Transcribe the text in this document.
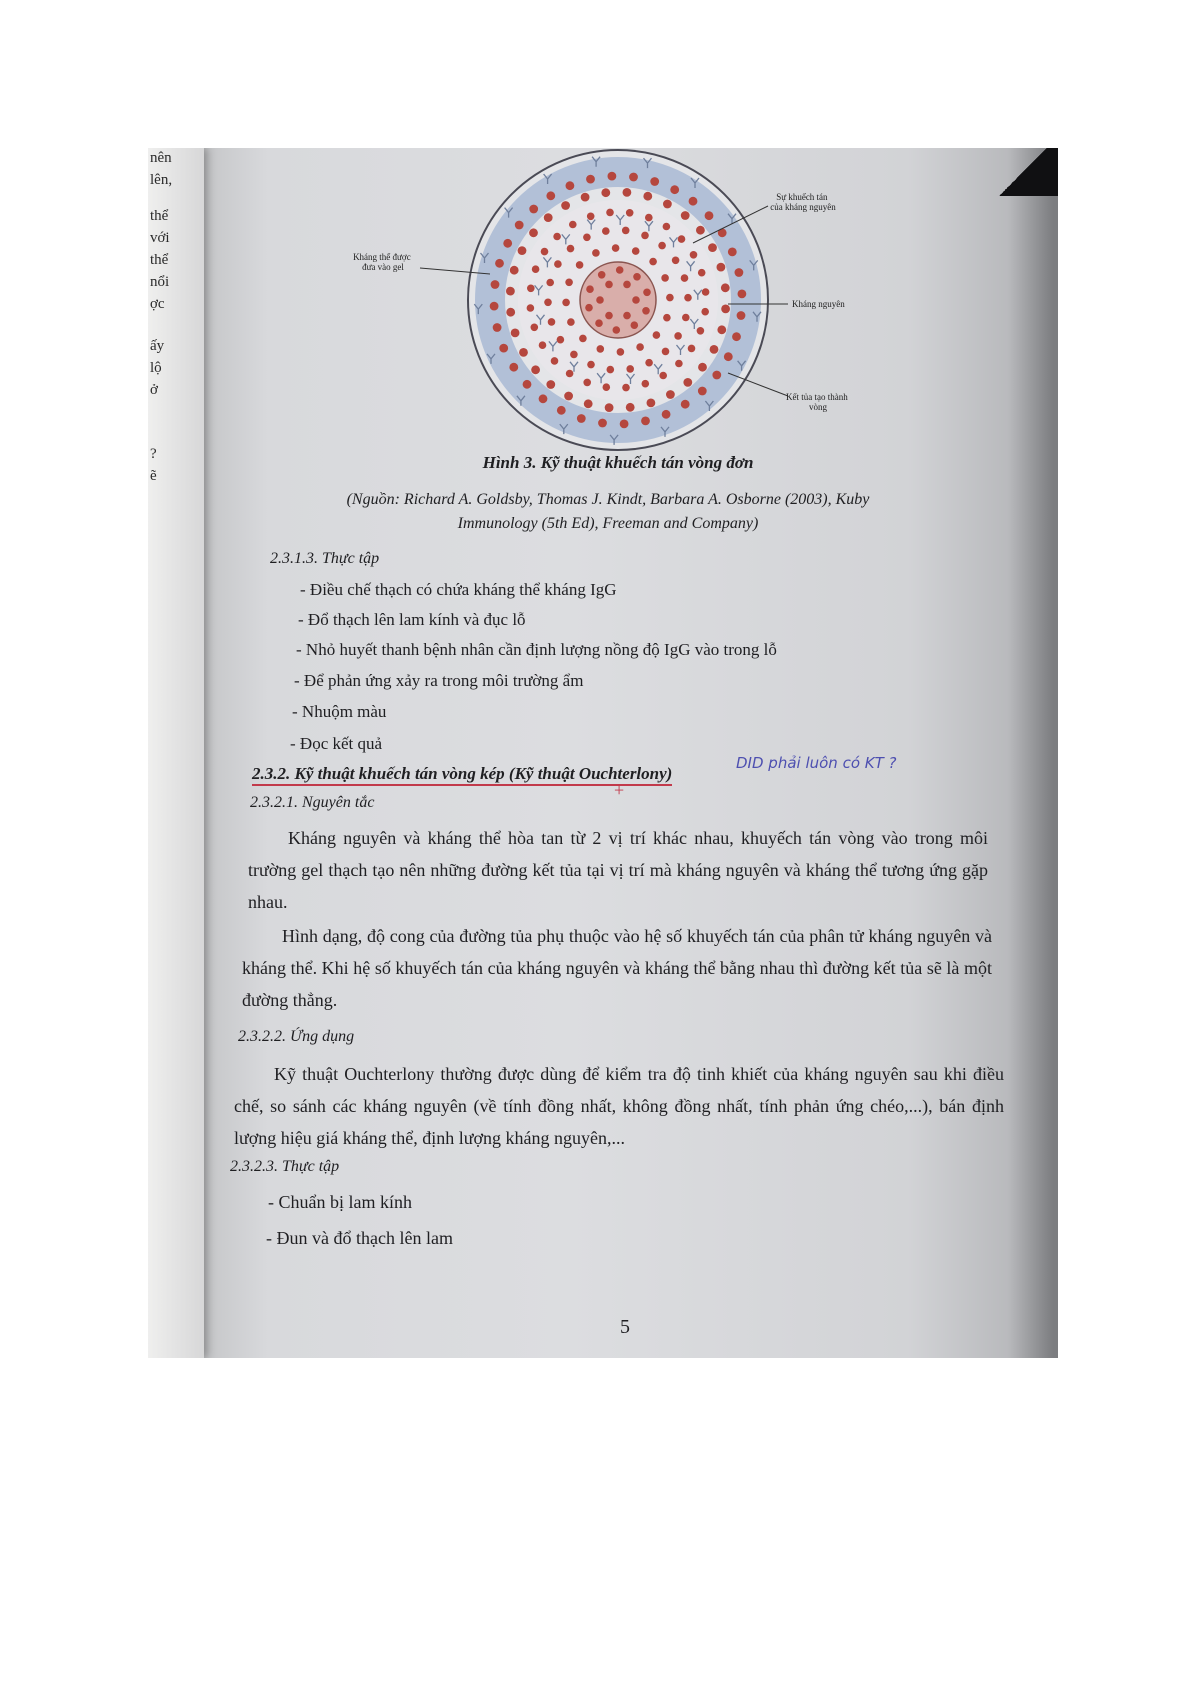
nên
lên,
thể
với
thể
nổi
ợc
ấy
lộ
ở
?
ẽ
Sự khuếch tán của kháng nguyên
Kháng thể được đưa vào gel
Kháng nguyên
Kết tủa tạo thành vòng
Hình 3. Kỹ thuật khuếch tán vòng đơn
(Nguồn: Richard A. Goldsby, Thomas J. Kindt, Barbara A. Osborne (2003), Kuby
Immunology (5th Ed), Freeman and Company)
2.3.1.3. Thực tập
- Điều chế thạch có chứa kháng thể kháng IgG
- Đổ thạch lên lam kính và đục lỗ
- Nhỏ huyết thanh bệnh nhân cần định lượng nồng độ IgG vào trong lỗ
- Để phản ứng xảy ra trong môi trường ẩm
- Nhuộm màu
- Đọc kết quả
2.3.2. Kỹ thuật khuếch tán vòng kép (Kỹ thuật Ouchterlony)
DID phải luôn có KT ?
+
2.3.2.1. Nguyên tắc
Kháng nguyên và kháng thể hòa tan từ 2 vị trí khác nhau, khuyếch tán vòng vào trong môi trường gel thạch tạo nên những đường kết tủa tại vị trí mà kháng nguyên và kháng thể tương ứng gặp nhau.
Hình dạng, độ cong của đường tủa phụ thuộc vào hệ số khuyếch tán của phân tử kháng nguyên và kháng thể. Khi hệ số khuyếch tán của kháng nguyên và kháng thể bằng nhau thì đường kết tủa sẽ là một đường thẳng.
2.3.2.2. Ứng dụng
Kỹ thuật Ouchterlony thường được dùng để kiểm tra độ tinh khiết của kháng nguyên sau khi điều chế, so sánh các kháng nguyên (về tính đồng nhất, không đồng nhất, tính phản ứng chéo,...), bán định lượng hiệu giá kháng thể, định lượng kháng nguyên,...
2.3.2.3. Thực tập
- Chuẩn bị lam kính
- Đun và đổ thạch lên lam
5
